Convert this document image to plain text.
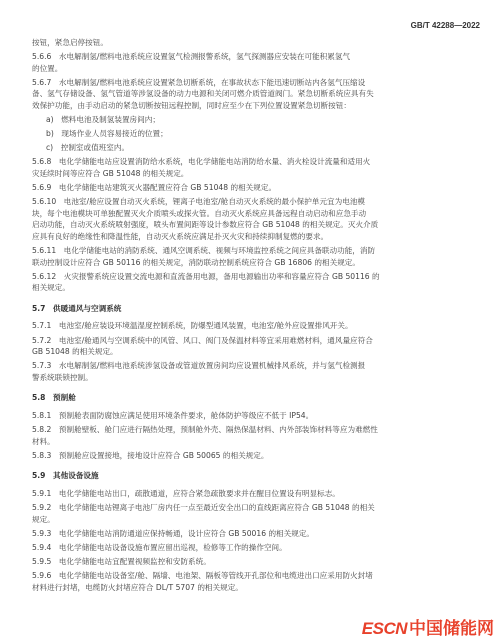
GB/T 42288—2022
按钮，紧急启停按钮。
5.6.6　水电解制氢/燃料电池系统应设置氢气检测报警系统，氢气探测器应安装在可能积累氢气
的位置。
5.6.7　水电解制氢/燃料电池系统应设置紧急切断系统，在事故状态下能迅速切断站内各氢气压缩设
备、氢气存储设备、氢气管道等涉氢设备的动力电源和关闭可燃介质管道阀门。紧急切断系统应具有失
效保护功能，由手动启动的紧急切断按钮远程控制，同时应至少在下列位置设置紧急切断按钮：
a)　燃料电池及制氢装置房间内；
b)　现场作业人员容易接近的位置；
c)　控制室或值班室内。
5.6.8　电化学储能电站应设置消防给水系统，电化学储能电站消防给水量、消火栓设计流量和适用火
灾延续时间等应符合 GB 51048 的相关规定。
5.6.9　电化学储能电站建筑灭火器配置应符合 GB 51048 的相关规定。
5.6.10　电池室/舱应设置自动灭火系统，锂离子电池室/舱自动灭火系统的最小保护单元宜为电池模
块，每个电池模块可单独配置灭火介质喷头或探火管。自动灭火系统应具备远程自动启动和应急手动
启动功能，自动灭火系统喷射强度，喷头布置间距等设计参数应符合 GB 51048 的相关规定。灭火介质
应具有良好的绝缘性和降温性能，自动灭火系统应满足扑灭火灾和持续抑制复燃的要求。
5.6.11　电化学储能电站的消防系统、通风空调系统、视频与环境监控系统之间应具备联动功能，消防
联动控制设计应符合 GB 50116 的相关规定，消防联动控制系统应符合 GB 16806 的相关规定。
5.6.12　火灾报警系统应设置交流电源和直流备用电源，备用电源输出功率和容量应符合 GB 50116 的
相关规定。
5.7　供暖通风与空调系统
5.7.1　电池室/舱应装设环境温湿度控制系统，防爆型通风装置，电池室/舱外应设置排风开关。
5.7.2　电池室/舱通风与空调系统中的风管、风口、阀门及保温材料等宜采用难燃材料，通风量应符合
GB 51048 的相关规定。
5.7.3　水电解制氢/燃料电池系统涉氢设备或管道放置房间均应设置机械排风系统，并与氢气检测报
警系统联锁控制。
5.8　预制舱
5.8.1　预制舱表面防腐蚀应满足使用环境条件要求，舱体防护等级应不低于 IP54。
5.8.2　预制舱壁板、舱门应进行隔热处理，预制舱外壳、隔热保温材料、内外部装饰材料等应为难燃性
材料。
5.8.3　预制舱应设置接地，接地设计应符合 GB 50065 的相关规定。
5.9　其他设备设施
5.9.1　电化学储能电站出口，疏散通道，应符合紧急疏散要求并在醒目位置设有明显标志。
5.9.2　电化学储能电站锂离子电池厂房内任一点至最近安全出口的直线距离应符合 GB 51048 的相关
规定。
5.9.3　电化学储能电站消防通道应保持畅通，设计应符合 GB 50016 的相关规定。
5.9.4　电化学储能电站设备设施布置应留出巡视，检修等工作的操作空间。
5.9.5　电化学储能电站宜配置视频监控和安防系统。
5.9.6　电化学储能电站设备室/舱、隔墙、电池架、隔板等管线开孔部位和电缆进出口应采用防火封堵
材料进行封堵，电缆防火封堵应符合 DL/T 5707 的相关规定。
ESCN 中国储能网
